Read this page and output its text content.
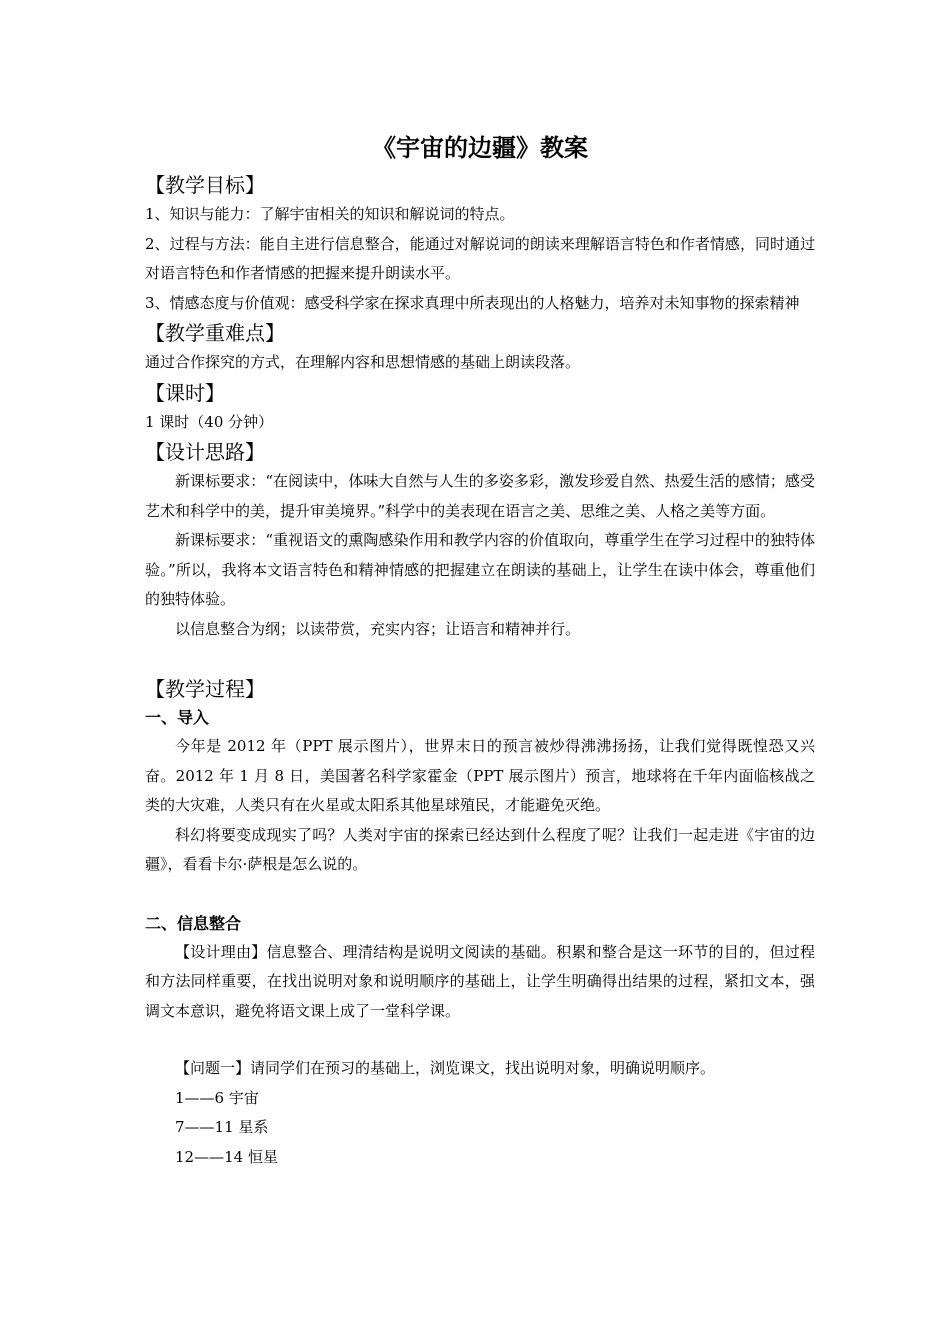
《宇宙的边疆》教案
【教学目标】

1、知识与能力：了解宇宙相关的知识和解说词的特点。

2、过程与方法：能自主进行信息整合，能通过对解说词的朗读来理解语言特色和作者情感，同时通过对语言特色和作者情感的把握来提升朗读水平。

3、情感态度与价值观：感受科学家在探求真理中所表现出的人格魅力，培养对未知事物的探索精神

【教学重难点】

通过合作探究的方式，在理解内容和思想情感的基础上朗读段落。

【课时】

1 课时（40 分钟）

【设计思路】

新课标要求：“在阅读中，体味大自然与人生的多姿多彩，激发珍爱自然、热爱生活的感情；感受艺术和科学中的美，提升审美境界。”科学中的美表现在语言之美、思维之美、人格之美等方面。

新课标要求：“重视语文的熏陶感染作用和教学内容的价值取向，尊重学生在学习过程中的独特体验。”所以，我将本文语言特色和精神情感的把握建立在朗读的基础上，让学生在读中体会，尊重他们的独特体验。

以信息整合为纲；以读带赏，充实内容；让语言和精神并行。

【教学过程】
一、导入

今年是 2012 年（PPT 展示图片），世界末日的预言被炒得沸沸扬扬，让我们觉得既惶恐又兴奋。2012 年 1 月 8 日，美国著名科学家霍金（PPT 展示图片）预言，地球将在千年内面临核战之类的大灾难，人类只有在火星或太阳系其他星球殖民，才能避免灭绝。

科幻将要变成现实了吗？人类对宇宙的探索已经达到什么程度了呢？让我们一起走进《宇宙的边疆》，看看卡尔·萨根是怎么说的。

二、信息整合

【设计理由】信息整合、理清结构是说明文阅读的基础。积累和整合是这一环节的目的，但过程和方法同样重要，在找出说明对象和说明顺序的基础上，让学生明确得出结果的过程，紧扣文本，强调文本意识，避免将语文课上成了一堂科学课。

【问题一】请同学们在预习的基础上，浏览课文，找出说明对象，明确说明顺序。

1——6 宇宙

7——11 星系

12——14 恒星
